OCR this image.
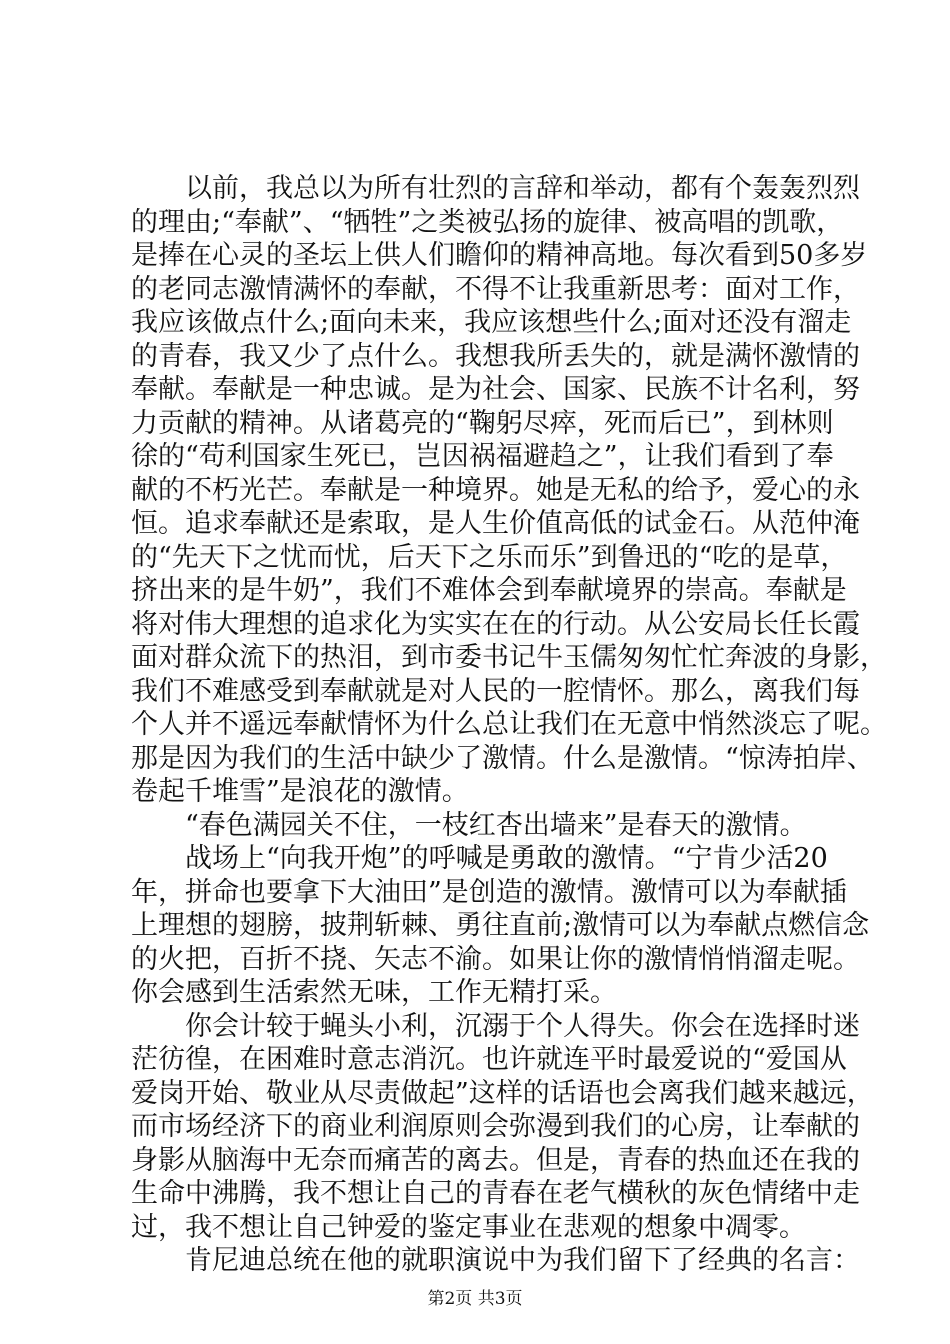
以前，我总以为所有壮烈的言辞和举动，都有个轰轰烈烈
的理由;“奉献”、“牺牲”之类被弘扬的旋律、被高唱的凯歌，
是捧在心灵的圣坛上供人们瞻仰的精神高地。每次看到50多岁
的老同志激情满怀的奉献，不得不让我重新思考：面对工作，
我应该做点什么;面向未来，我应该想些什么;面对还没有溜走
的青春，我又少了点什么。我想我所丢失的，就是满怀激情的
奉献。奉献是一种忠诚。是为社会、国家、民族不计名利，努
力贡献的精神。从诸葛亮的“鞠躬尽瘁，死而后已”，到林则
徐的“苟利国家生死已，岂因祸福避趋之”，让我们看到了奉
献的不朽光芒。奉献是一种境界。她是无私的给予，爱心的永
恒。追求奉献还是索取，是人生价值高低的试金石。从范仲淹
的“先天下之忧而忧，后天下之乐而乐”到鲁迅的“吃的是草，
挤出来的是牛奶”，我们不难体会到奉献境界的崇高。奉献是
将对伟大理想的追求化为实实在在的行动。从公安局长任长霞
面对群众流下的热泪，到市委书记牛玉儒匆匆忙忙奔波的身影，
我们不难感受到奉献就是对人民的一腔情怀。那么，离我们每
个人并不遥远奉献情怀为什么总让我们在无意中悄然淡忘了呢。
那是因为我们的生活中缺少了激情。什么是激情。“惊涛拍岸、
卷起千堆雪”是浪花的激情。
“春色满园关不住，一枝红杏出墙来”是春天的激情。
战场上“向我开炮”的呼喊是勇敢的激情。“宁肯少活20
年，拼命也要拿下大油田”是创造的激情。激情可以为奉献插
上理想的翅膀，披荆斩棘、勇往直前;激情可以为奉献点燃信念
的火把，百折不挠、矢志不渝。如果让你的激情悄悄溜走呢。
你会感到生活索然无味，工作无精打采。
你会计较于蝇头小利，沉溺于个人得失。你会在选择时迷
茫彷徨，在困难时意志消沉。也许就连平时最爱说的“爱国从
爱岗开始、敬业从尽责做起”这样的话语也会离我们越来越远，
而市场经济下的商业利润原则会弥漫到我们的心房，让奉献的
身影从脑海中无奈而痛苦的离去。但是，青春的热血还在我的
生命中沸腾，我不想让自己的青春在老气横秋的灰色情绪中走
过，我不想让自己钟爱的鉴定事业在悲观的想象中凋零。
肯尼迪总统在他的就职演说中为我们留下了经典的名言：
第2页 共3页
